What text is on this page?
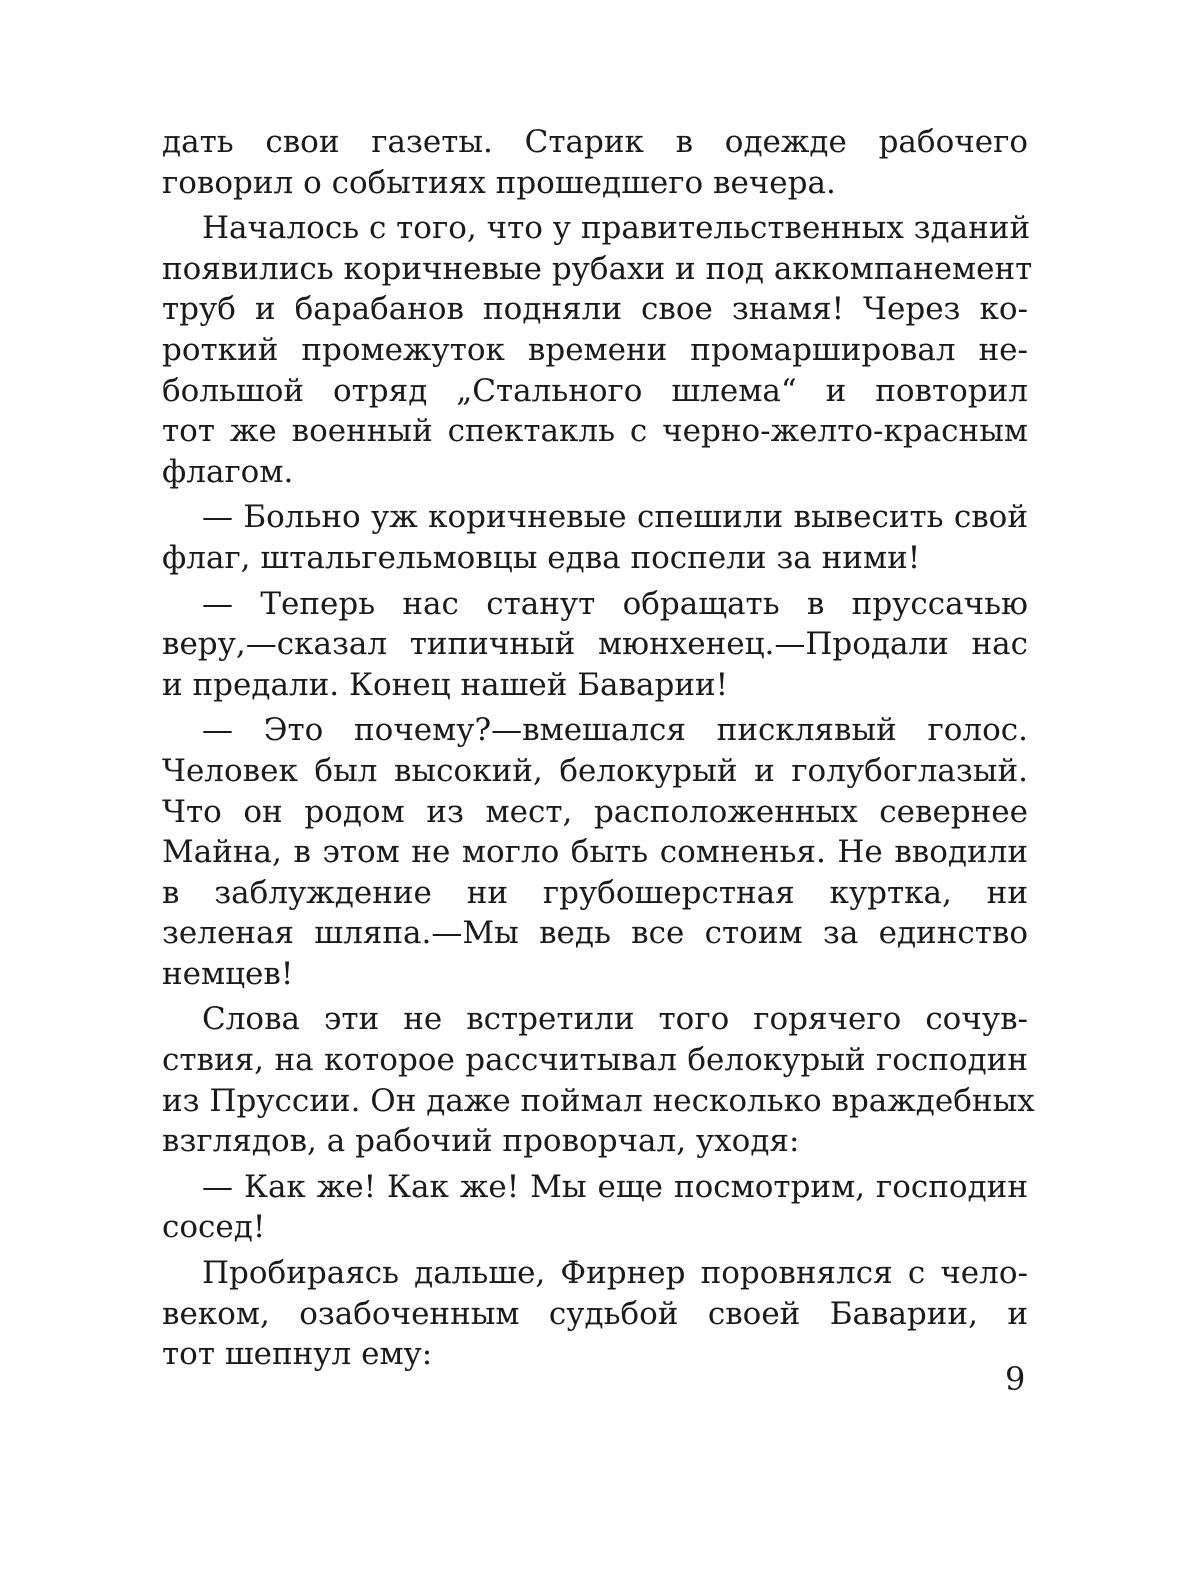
дать свои газеты. Старик в одежде рабочего
говорил о событиях прошедшего вечера.
Началось с того, что у правительственных зданий
появились коричневые рубахи и под аккомпанемент
труб и барабанов подняли свое знамя! Через ко-
роткий промежуток времени промаршировал не-
большой отряд „Стального шлема“ и повторил
тот же военный спектакль с черно-желто-красным
флагом.
— Больно уж коричневые спешили вывесить свой
флаг, штальгельмовцы едва поспели за ними!
— Теперь нас станут обращать в пруссачью
веру,—сказал типичный мюнхенец.—Продали нас
и предали. Конец нашей Баварии!
— Это почему?—вмешался писклявый голос.
Человек был высокий, белокурый и голубоглазый.
Что он родом из мест, расположенных севернее
Майна, в этом не могло быть сомненья. Не вводили
в заблуждение ни грубошерстная куртка, ни
зеленая шляпа.—Мы ведь все стоим за единство
немцев!
Слова эти не встретили того горячего сочув-
ствия, на которое рассчитывал белокурый господин
из Пруссии. Он даже поймал несколько враждебных
взглядов, а рабочий проворчал, уходя:
— Как же! Как же! Мы еще посмотрим, господин
сосед!
Пробираясь дальше, Фирнер поровнялся с чело-
веком, озабоченным судьбой своей Баварии, и
тот шепнул ему:
9
